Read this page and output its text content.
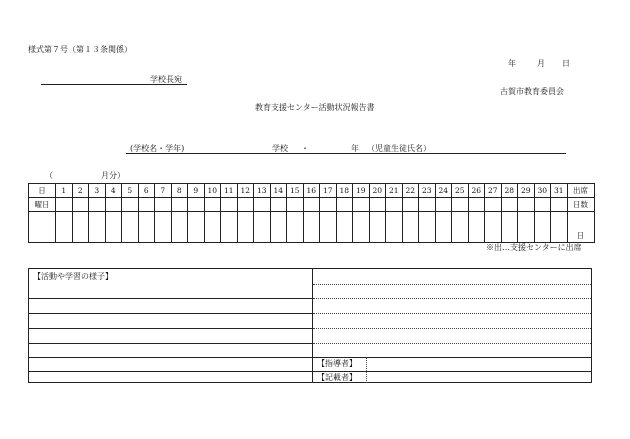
様式第７号（第１３条関係）
年	月 日
学校長宛
古賀市教育委員会
教育支援センター活動状況報告書
(学校名・学年)	学校 ・	年 （児童生徒氏名）
（	月分）
日	1	2	3	4	5	6	7	8	9	10	11	12	13	14	15	16	17	18	19	20	21	22	23	24	25	26	27	28	29	30	31	出席
曜日																																日数
																																日
※出…支援センターに出席
【活動や学習の様子】
【指導者】
【記載者】
